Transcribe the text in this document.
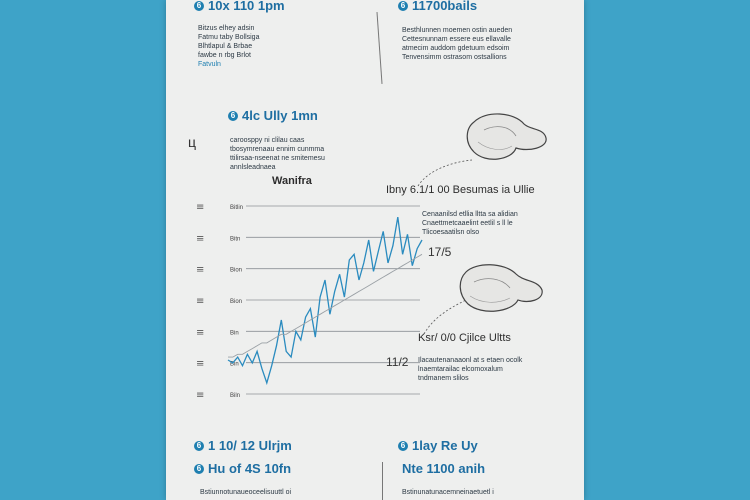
6 10x 110 1pm
Bitzus elhey adsin
Fatmu taby Bollsiga
Blhtlapul & Brbae
fawbe n rbg Brlot
Fatvuln
6 11700bails
Besthlunnen moemen ostin aueden
Cettesnunnam essere eus ellavalle
atmecim auddom gdetuum edsoim
Tenvensimm ostrasom ostsallions
6 4lc Ully 1mn
caroosppy ni clilau caas
tbosymrenaau ennim cunmma
ttilirsaa-nseenat ne smitemesu
annlsleadnaea
Wanifra
ц
Ibny 6.1/1 00 Besumas ia Ullie
Cenaanilsd etllia lltta sa alidian
Cnaettmetcaaelint eetlil s ll le
Tlicoesaatilsn olso
Ksr/ 0/0 Cjilce Ultts
Ilacautenanaaonl at s etaen ocolk
lnaemtarailac elcomoxalum
tndmanem slilos
6 1 10/ 12 Ulrjm
6 Hu of 4S 10fn
Bstiunnotunaueoceelisuuttl oi
6 1lay Re Uy
Nte 1100 anih
Bstinunatunacemneinaetuetl i
Bitlin
≡
Bitn
≡
Bion
≡
Bion
≡
Bin
≡
Bin
≡
Biln
≡
17/5
11/2
